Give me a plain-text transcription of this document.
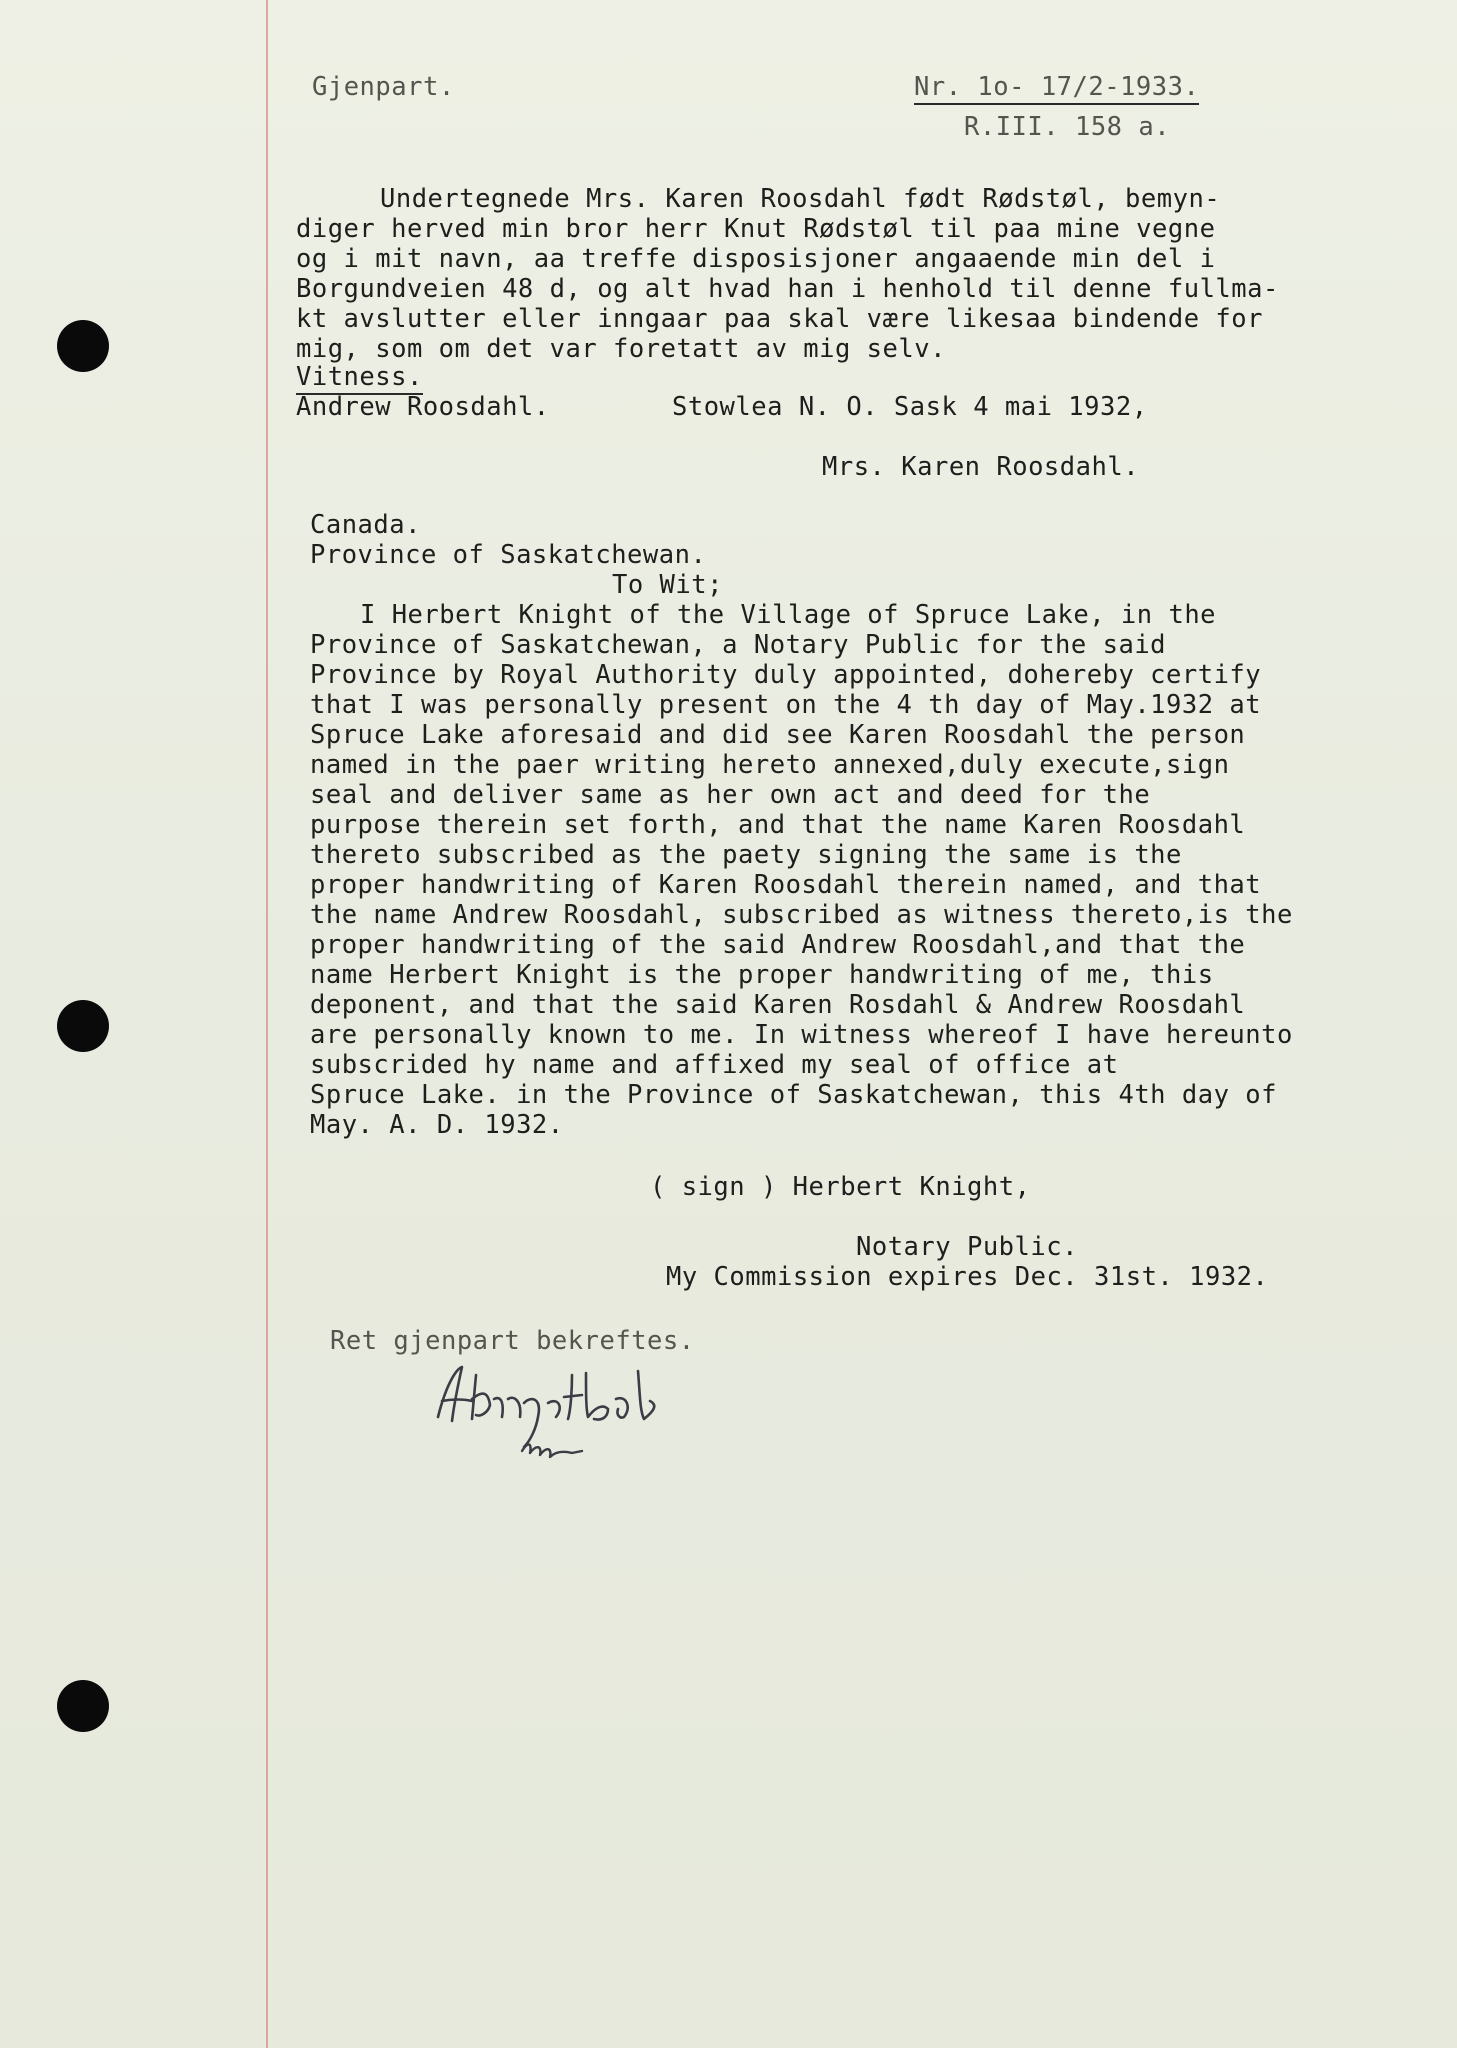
Gjenpart.	Nr. 1o- 17/2-1933.
R.III. 158 a.
Undertegnede Mrs. Karen Roosdahl født Rødstøl, bemyn-
diger herved min bror herr Knut Rødstøl til paa mine vegne
og i mit navn, aa treffe disposisjoner angaaende min del i
Borgundveien 48 d, og alt hvad han i henhold til denne fullma-
kt avslutter eller inngaar paa skal være likesaa bindende for
mig, som om det var foretatt av mig selv.
Vitness.
Andrew Roosdahl.	Stowlea N. O. Sask 4 mai 1932,
Mrs. Karen Roosdahl.
Canada.
Province of Saskatchewan.
To Wit;
I Herbert Knight of the Village of Spruce Lake, in the
Province of Saskatchewan, a Notary Public for the said
Province by Royal Authority duly appointed, dohereby certify
that I was personally present on the 4 th day of May.1932 at
Spruce Lake aforesaid and did see Karen Roosdahl the person
named in the paer writing hereto annexed,duly execute,sign
seal and deliver same as her own act and deed for the
purpose therein set forth, and that the name Karen Roosdahl
thereto subscribed as the paety signing the same is the
proper handwriting of Karen Roosdahl therein named, and that
the name Andrew Roosdahl, subscribed as witness thereto,is the
proper handwriting of the said Andrew Roosdahl,and that the
name Herbert Knight is the proper handwriting of me, this
deponent, and that the said Karen Rosdahl & Andrew Roosdahl
are personally known to me. In witness whereof I have hereunto
subscrided hy name and affixed my seal of office at
Spruce Lake. in the Province of Saskatchewan, this 4th day of
May. A. D. 1932.
( sign ) Herbert Knight,
Notary Public.
My Commission expires Dec. 31st. 1932.
Ret gjenpart bekreftes.
